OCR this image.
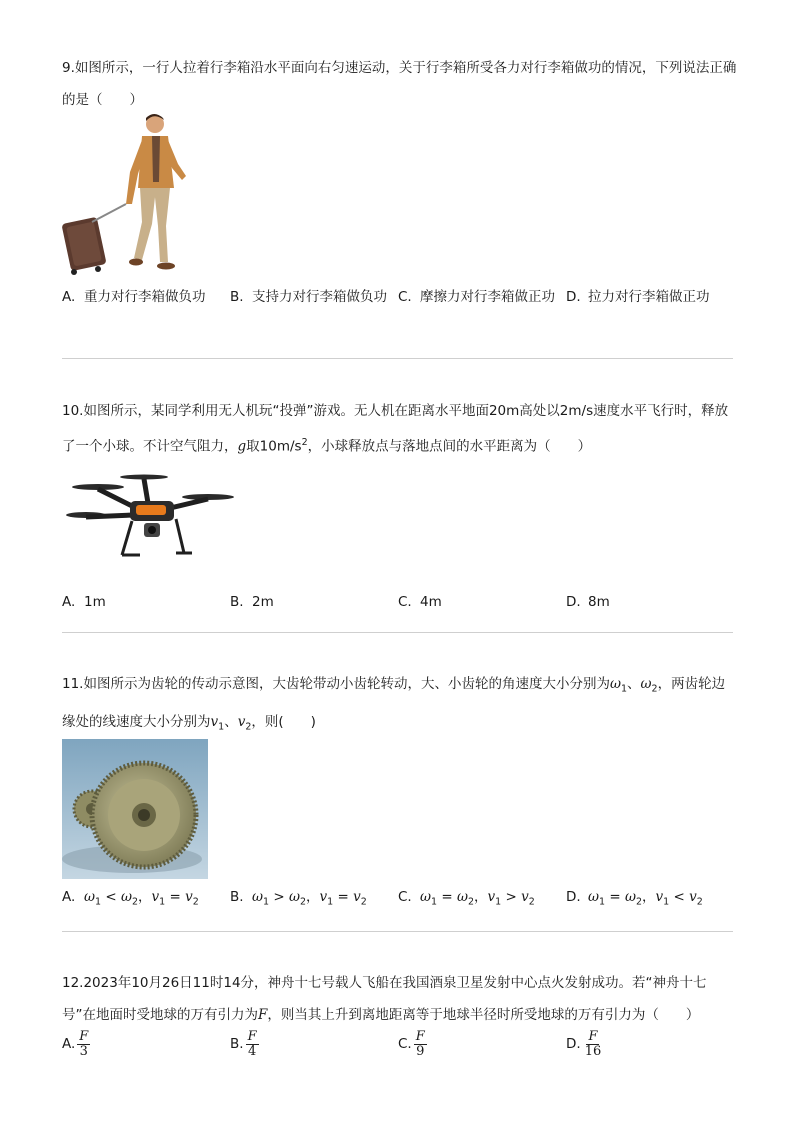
9.如图所示，一行人拉着行李箱沿水平面向右匀速运动，关于行李箱所受各力对行李箱做功的情况，下列说法正确的是（　　）

A. 重力对行李箱做负功	B. 支持力对行李箱做负功 C. 摩擦力对行李箱做正功 D. 拉力对行李箱做正功

10.如图所示，某同学利用无人机玩“投弹”游戏。无人机在距离水平地面20m高处以2m/s速度水平飞行时，释放了一个小球。不计空气阻力，g取$10m/s^2$，小球释放点与落地点间的水平距离为（　　）

A. 1m	B. 2m	C. 4m	D. 8m

11.如图所示为齿轮的传动示意图，大齿轮带动小齿轮转动，大、小齿轮的角速度大小分别为$\omega_1$、$\omega_2$，两齿轮边缘处的线速度大小分别为$v_1$、$v_2$，则(　　)

A. $\omega_1 < \omega_2$，$v_1 = v_2$	B. $\omega_1 > \omega_2$，$v_1 = v_2$	C. $\omega_1 = \omega_2$，$v_1 > v_2$	D. $\omega_1 = \omega_2$，$v_1 < v_2$

12.2023年10月26日11时14分，神舟十七号载人飞船在我国酒泉卫星发射中心点火发射成功。若“神舟十七号”在地面时受地球的万有引力为F，则当其上升到离地距离等于地球半径时所受地球的万有引力为（　　）

A. $\frac{F}{3}$	B. $\frac{F}{4}$	C. $\frac{F}{9}$	D. $\frac{F}{16}$
